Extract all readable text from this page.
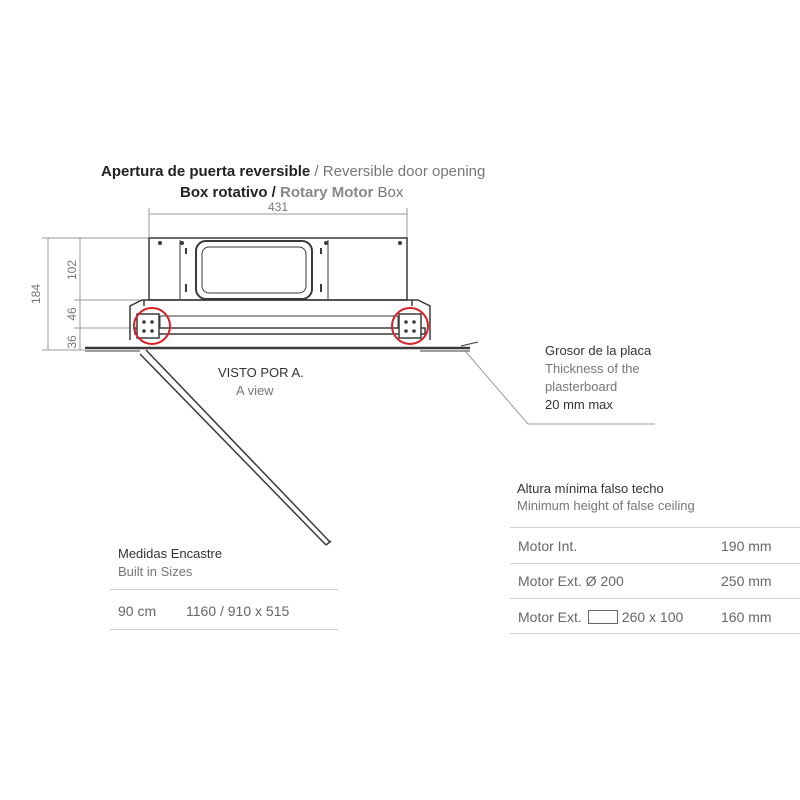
Apertura de puerta reversible / Reversible door opening
Box rotativo / Rotary Motor Box
431
184
102
46
36
VISTO POR A.
A view
Grosor de la placa
Thickness of the
plasterboard
20 mm max
Altura mínima falso techo
Minimum height of false ceiling
Motor Int.	190 mm
Motor Ext. Ø 200	250 mm
Motor Ext.	260 x 100	160 mm
Medidas Encastre
Built in Sizes
90 cm 1160 / 910 x 515
